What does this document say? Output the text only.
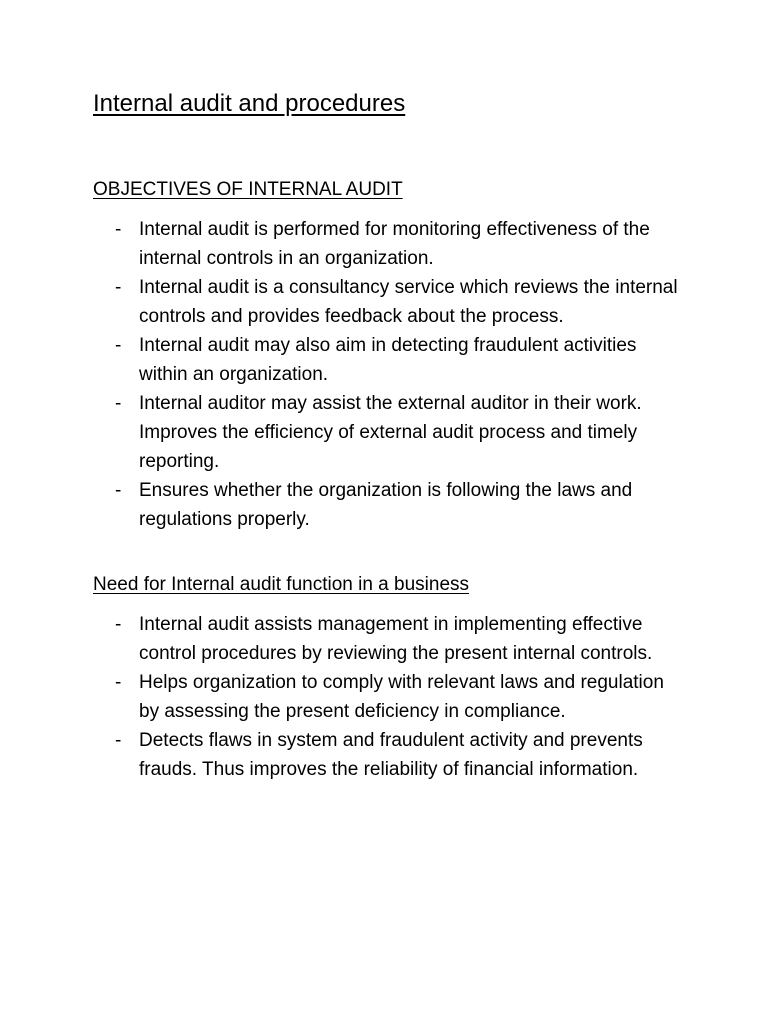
Internal audit and procedures
OBJECTIVES OF INTERNAL AUDIT
- Internal audit is performed for monitoring effectiveness of the internal controls in an organization.
- Internal audit is a consultancy service which reviews the internal controls and provides feedback about the process.
- Internal audit may also aim in detecting fraudulent activities within an organization.
- Internal auditor may assist the external auditor in their work. Improves the efficiency of external audit process and timely reporting.
- Ensures whether the organization is following the laws and regulations properly.
Need for Internal audit function in a business
- Internal audit assists management in implementing effective control procedures by reviewing the present internal controls.
- Helps organization to comply with relevant laws and regulation by assessing the present deficiency in compliance.
- Detects flaws in system and fraudulent activity and prevents frauds. Thus improves the reliability of financial information.
